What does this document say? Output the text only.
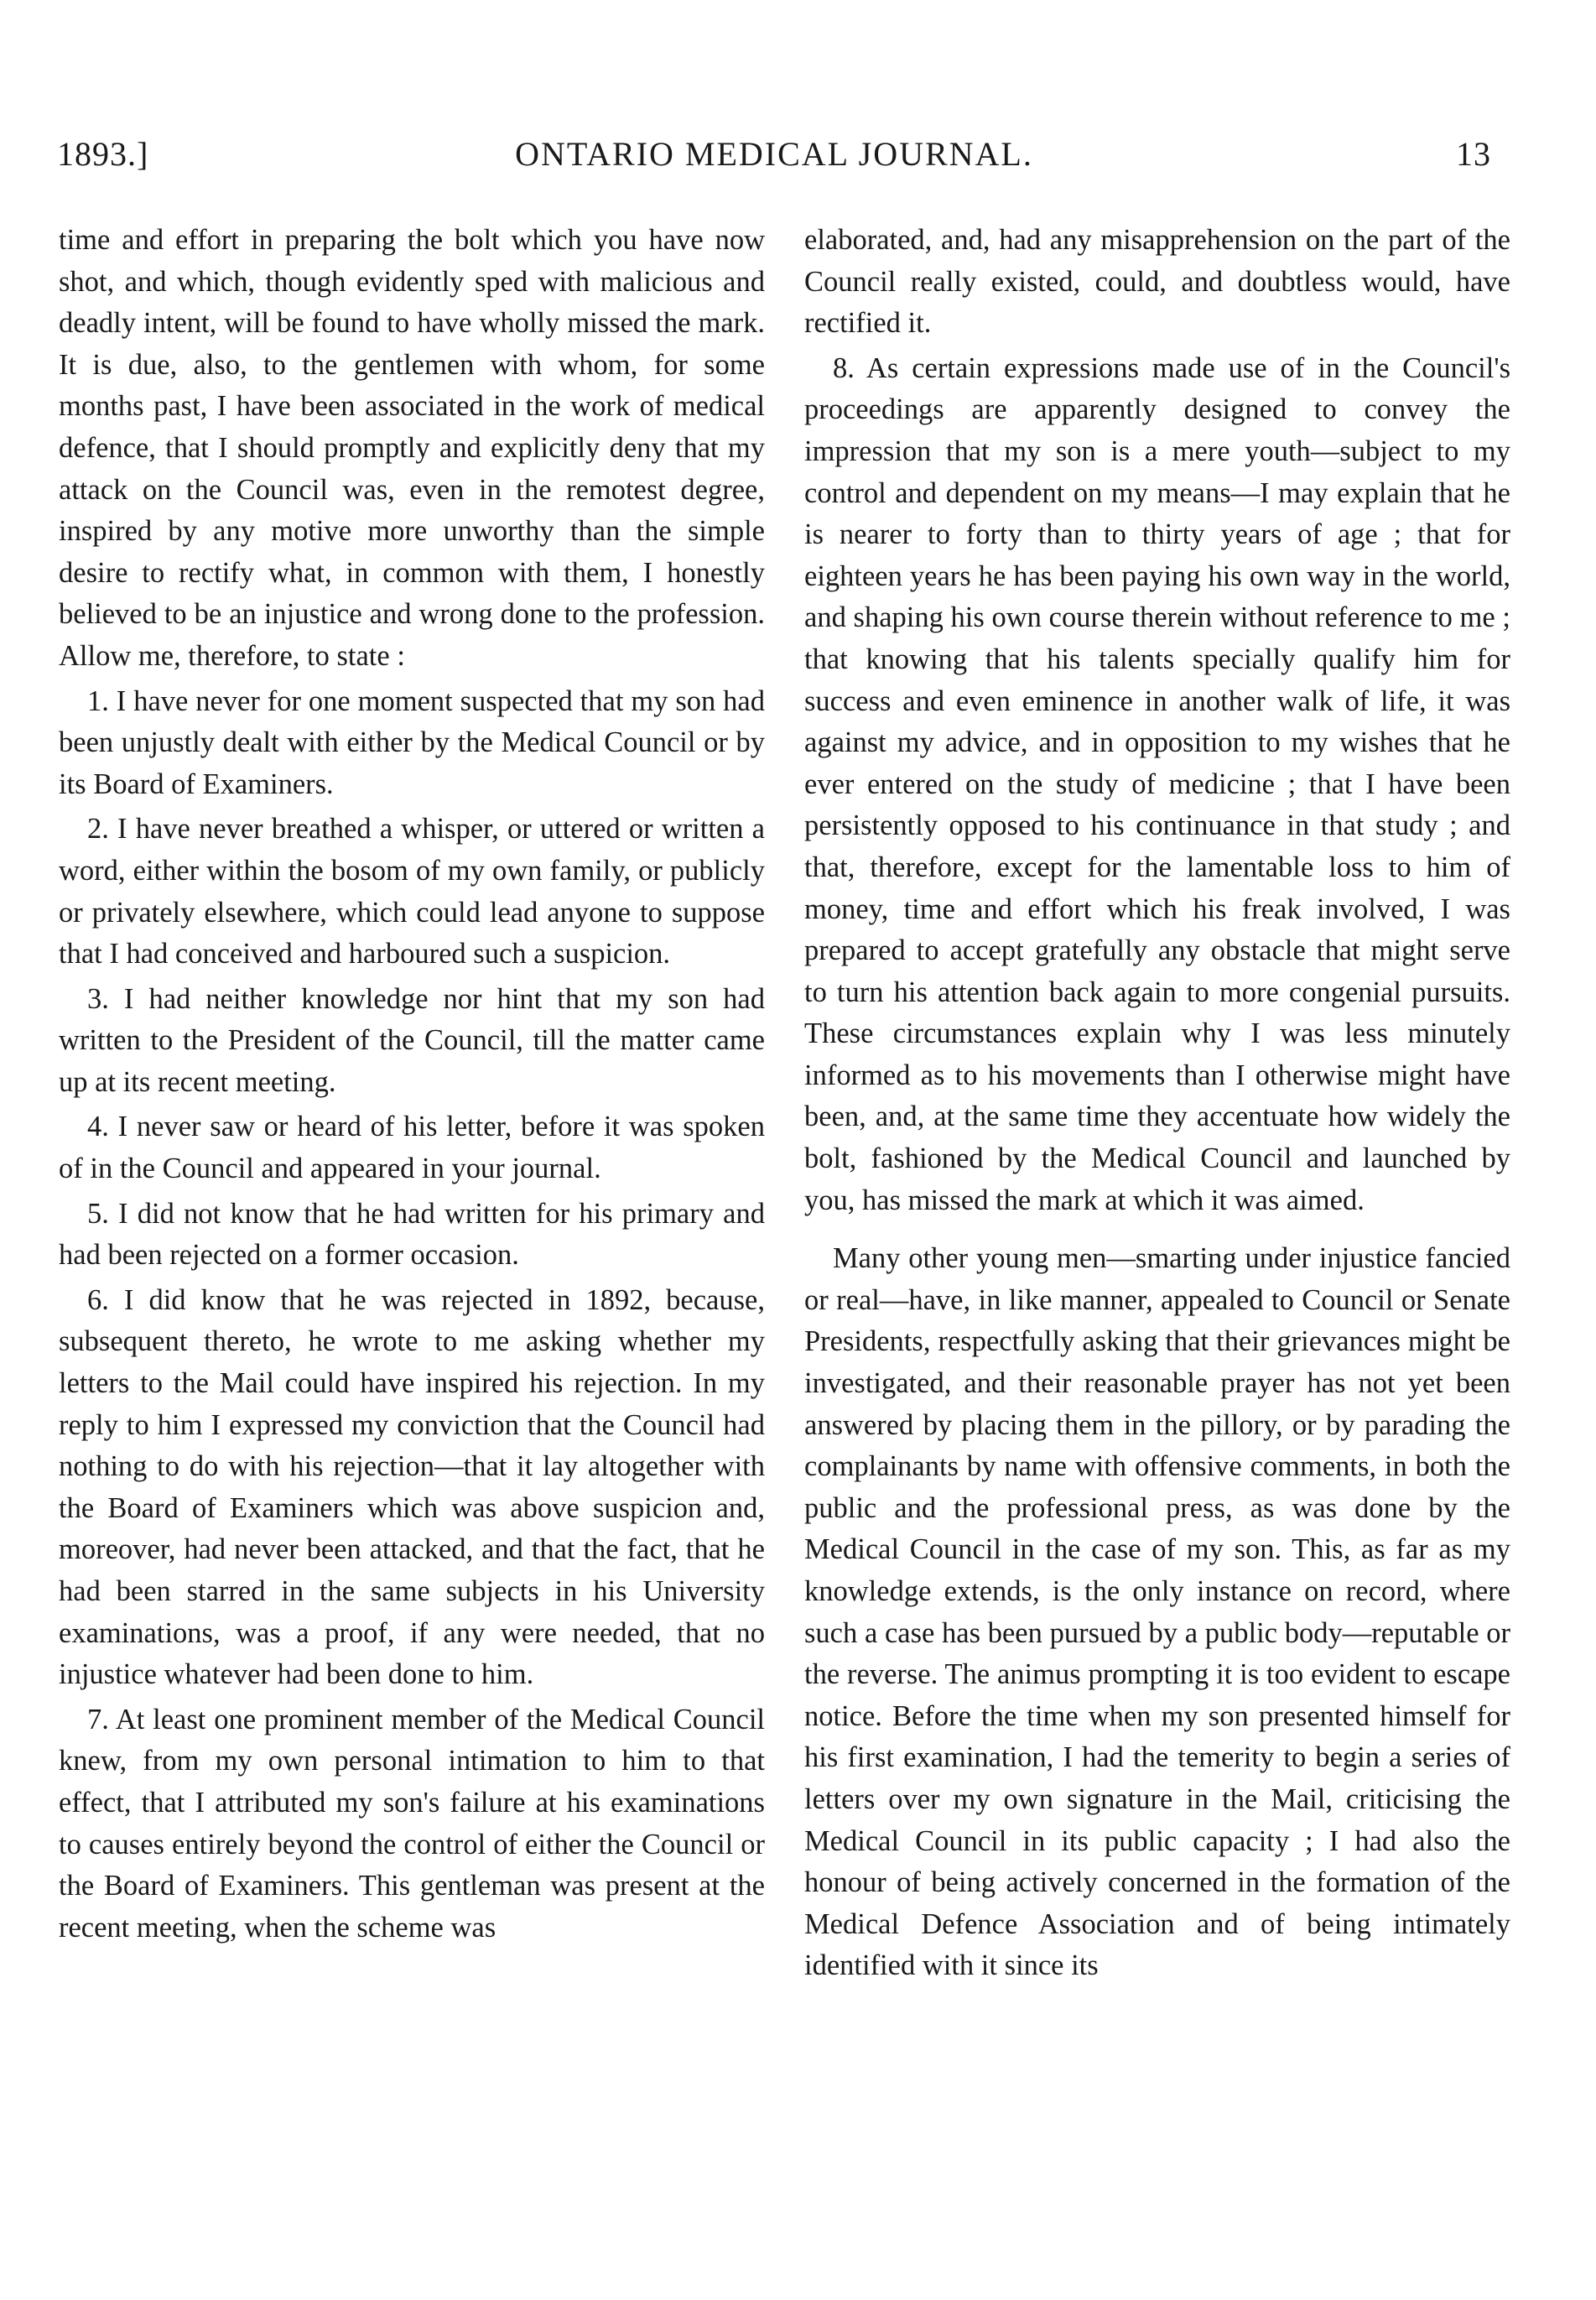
1893.]	ONTARIO MEDICAL JOURNAL.	13

time and effort in preparing the bolt which you have now shot, and which, though evidently sped with malicious and deadly intent, will be found to have wholly missed the mark. It is due, also, to the gentlemen with whom, for some months past, I have been associated in the work of medical defence, that I should promptly and explicitly deny that my attack on the Council was, even in the remotest degree, inspired by any motive more unworthy than the simple desire to rectify what, in common with them, I honestly believed to be an injustice and wrong done to the profession. Allow me, therefore, to state :

1. I have never for one moment suspected that my son had been unjustly dealt with either by the Medical Council or by its Board of Examiners.

2. I have never breathed a whisper, or uttered or written a word, either within the bosom of my own family, or publicly or privately elsewhere, which could lead anyone to suppose that I had conceived and harboured such a suspicion.

3. I had neither knowledge nor hint that my son had written to the President of the Council, till the matter came up at its recent meeting.

4. I never saw or heard of his letter, before it was spoken of in the Council and appeared in your journal.

5. I did not know that he had written for his primary and had been rejected on a former occasion.

6. I did know that he was rejected in 1892, because, subsequent thereto, he wrote to me asking whether my letters to the Mail could have inspired his rejection. In my reply to him I expressed my conviction that the Council had nothing to do with his rejection—that it lay altogether with the Board of Examiners which was above suspicion and, moreover, had never been attacked, and that the fact, that he had been starred in the same subjects in his University examinations, was a proof, if any were needed, that no injustice whatever had been done to him.

7. At least one prominent member of the Medical Council knew, from my own personal intimation to him to that effect, that I attributed my son's failure at his examinations to causes entirely beyond the control of either the Council or the Board of Examiners. This gentleman was present at the recent meeting, when the scheme was

elaborated, and, had any misapprehension on the part of the Council really existed, could, and doubtless would, have rectified it.

8. As certain expressions made use of in the Council's proceedings are apparently designed to convey the impression that my son is a mere youth—subject to my control and dependent on my means—I may explain that he is nearer to forty than to thirty years of age ; that for eighteen years he has been paying his own way in the world, and shaping his own course therein without reference to me ; that knowing that his talents specially qualify him for success and even eminence in another walk of life, it was against my advice, and in opposition to my wishes that he ever entered on the study of medicine ; that I have been persistently opposed to his continuance in that study ; and that, therefore, except for the lamentable loss to him of money, time and effort which his freak involved, I was prepared to accept gratefully any obstacle that might serve to turn his attention back again to more congenial pursuits. These circumstances explain why I was less minutely informed as to his movements than I otherwise might have been, and, at the same time they accentuate how widely the bolt, fashioned by the Medical Council and launched by you, has missed the mark at which it was aimed.

Many other young men—smarting under injustice fancied or real—have, in like manner, appealed to Council or Senate Presidents, respectfully asking that their grievances might be investigated, and their reasonable prayer has not yet been answered by placing them in the pillory, or by parading the complainants by name with offensive comments, in both the public and the professional press, as was done by the Medical Council in the case of my son. This, as far as my knowledge extends, is the only instance on record, where such a case has been pursued by a public body—reputable or the reverse. The animus prompting it is too evident to escape notice. Before the time when my son presented himself for his first examination, I had the temerity to begin a series of letters over my own signature in the Mail, criticising the Medical Council in its public capacity ; I had also the honour of being actively concerned in the formation of the Medical Defence Association and of being intimately identified with it since its
